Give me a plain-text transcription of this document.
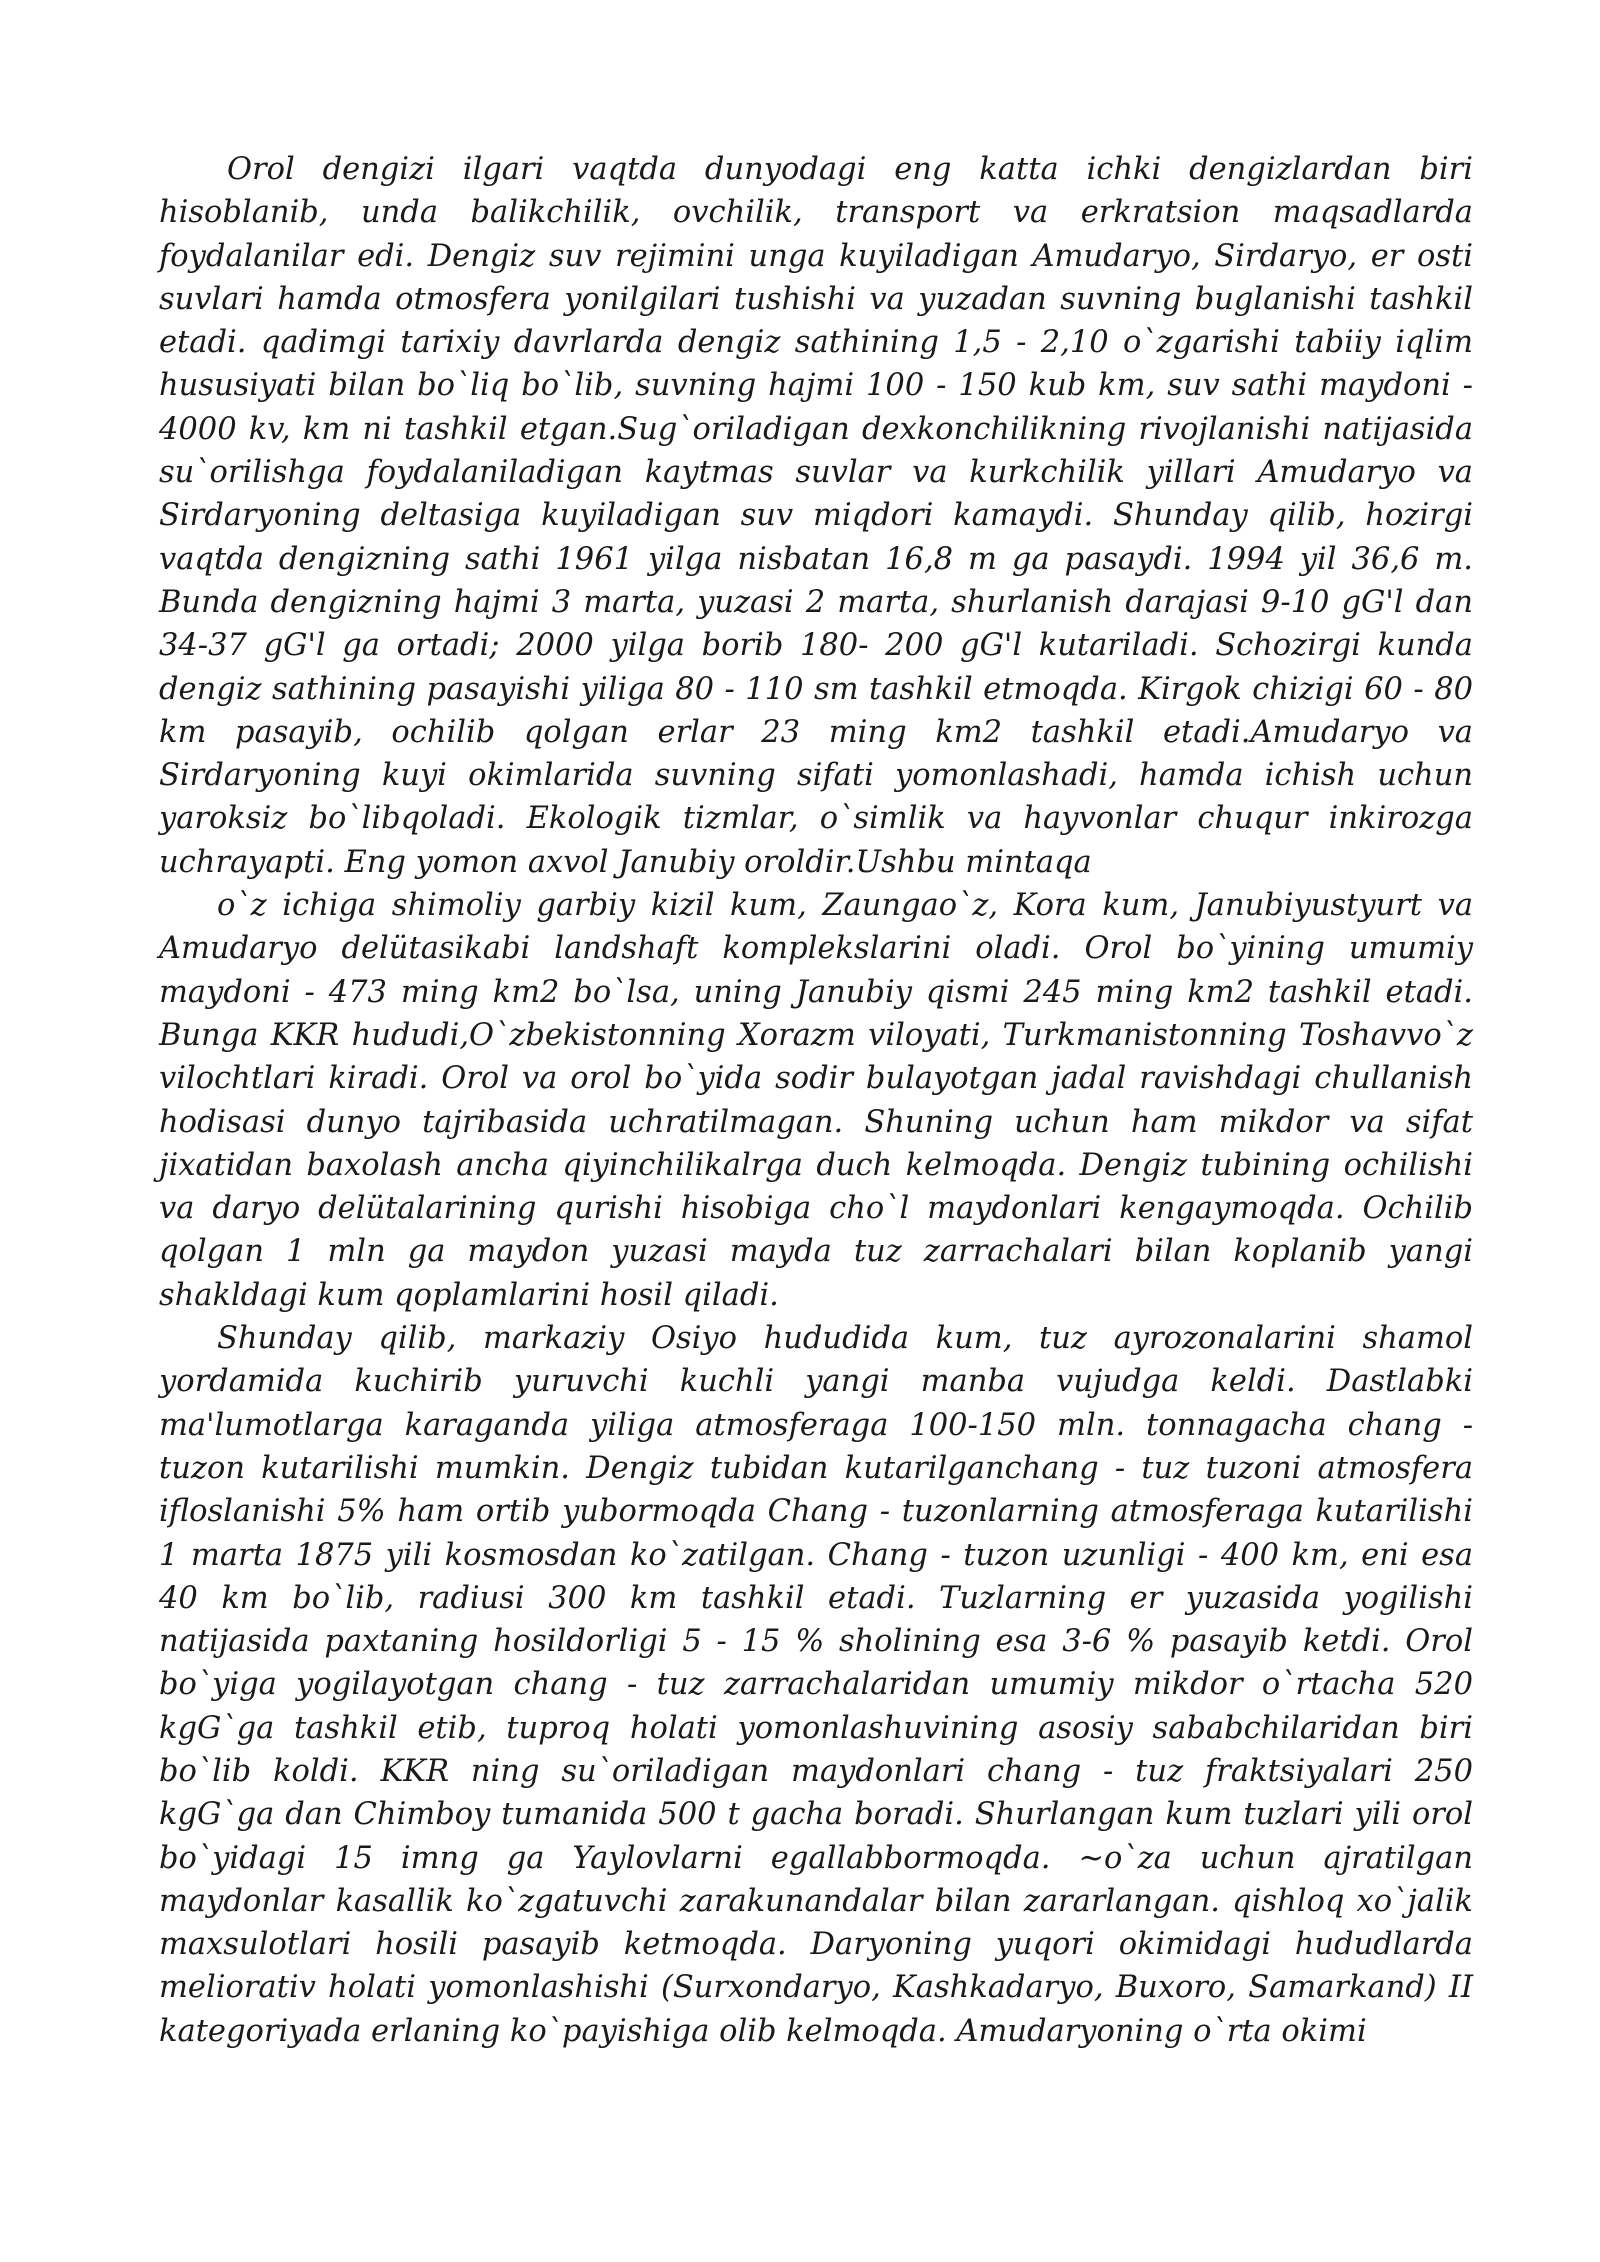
Orol dengizi ilgari vaqtda dunyodagi eng katta ichki dengizlardan biri hisoblanib, unda balikchilik, ovchilik, transport va erkratsion maqsadlarda foydalanilar edi. Dengiz suv rejimini unga kuyiladigan Amudaryo, Sirdaryo, er osti suvlari hamda otmosfera yonilgilari tushishi va yuzadan suvning buglanishi tashkil etadi. qadimgi tarixiy davrlarda dengiz sathining 1,5 - 2,10 o`zgarishi tabiiy iqlim hususiyati bilan bo`liq bo`lib, suvning hajmi 100 - 150 kub km, suv sathi maydoni - 4000 kv, km ni tashkil etgan.Sug`oriladigan dexkonchilikning rivojlanishi natijasida su`orilishga foydalaniladigan kaytmas suvlar va kurkchilik yillari Amudaryo va Sirdaryoning deltasiga kuyiladigan suv miqdori kamaydi. Shunday qilib, hozirgi vaqtda dengizning sathi 1961 yilga nisbatan 16,8 m ga pasaydi. 1994 yil 36,6 m. Bunda dengizning hajmi 3 marta, yuzasi 2 marta, shurlanish darajasi 9-10 gG'l dan 34-37 gG'l ga ortadi; 2000 yilga borib 180- 200 gG'l kutariladi. Schozirgi kunda dengiz sathining pasayishi yiliga 80 - 110 sm tashkil etmoqda. Kirgok chizigi 60 - 80 km pasayib, ochilib qolgan erlar 23 ming km2 tashkil etadi.Amudaryo va Sirdaryoning kuyi okimlarida suvning sifati yomonlashadi, hamda ichish uchun yaroksiz bo`libqoladi. Ekologik tizmlar, o`simlik va hayvonlar chuqur inkirozga uchrayapti. Eng yomon axvol Janubiy oroldir.Ushbu mintaqa

o`z ichiga shimoliy garbiy kizil kum, Zaungao`z, Kora kum, Janubiyustyurt va Amudaryo delütasikabi landshaft komplekslarini oladi. Orol bo`yining umumiy maydoni - 473 ming km2 bo`lsa, uning Janubiy qismi 245 ming km2 tashkil etadi. Bunga KKR hududi,O`zbekistonning Xorazm viloyati, Turkmanistonning Toshavvo`z vilochtlari kiradi. Orol va orol bo`yida sodir bulayotgan jadal ravishdagi chullanish hodisasi dunyo tajribasida uchratilmagan. Shuning uchun ham mikdor va sifat jixatidan baxolash ancha qiyinchilikalrga duch kelmoqda. Dengiz tubining ochilishi va daryo delütalarining qurishi hisobiga cho`l maydonlari kengaymoqda. Ochilib qolgan 1 mln ga maydon yuzasi mayda tuz zarrachalari bilan koplanib yangi shakldagi kum qoplamlarini hosil qiladi.

Shunday qilib, markaziy Osiyo hududida kum, tuz ayrozonalarini shamol yordamida kuchirib yuruvchi kuchli yangi manba vujudga keldi. Dastlabki ma'lumotlarga karaganda yiliga atmosferaga 100-150 mln. tonnagacha chang - tuzon kutarilishi mumkin. Dengiz tubidan kutarilganchang - tuz tuzoni atmosfera ifloslanishi 5% ham ortib yubormoqda Chang - tuzonlarning atmosferaga kutarilishi 1 marta 1875 yili kosmosdan ko`zatilgan. Chang - tuzon uzunligi - 400 km, eni esa 40 km bo`lib, radiusi 300 km tashkil etadi. Tuzlarning er yuzasida yogilishi natijasida paxtaning hosildorligi 5 - 15 % sholining esa 3-6 % pasayib ketdi. Orol bo`yiga yogilayotgan chang - tuz zarrachalaridan umumiy mikdor o`rtacha 520 kgG`ga tashkil etib, tuproq holati yomonlashuvining asosiy sababchilaridan biri bo`lib koldi. KKR ning su`oriladigan maydonlari chang - tuz fraktsiyalari 250 kgG`ga dan Chimboy tumanida 500 t gacha boradi. Shurlangan kum tuzlari yili orol bo`yidagi 15 imng ga Yaylovlarni egallabbormoqda. ~o`za uchun ajratilgan maydonlar kasallik ko`zgatuvchi zarakunandalar bilan zararlangan. qishloq xo`jalik maxsulotlari hosili pasayib ketmoqda. Daryoning yuqori okimidagi hududlarda meliorativ holati yomonlashishi (Surxondaryo, Kashkadaryo, Buxoro, Samarkand) II kategoriyada erlaning ko`payishiga olib kelmoqda. Amudaryoning o`rta okimi
